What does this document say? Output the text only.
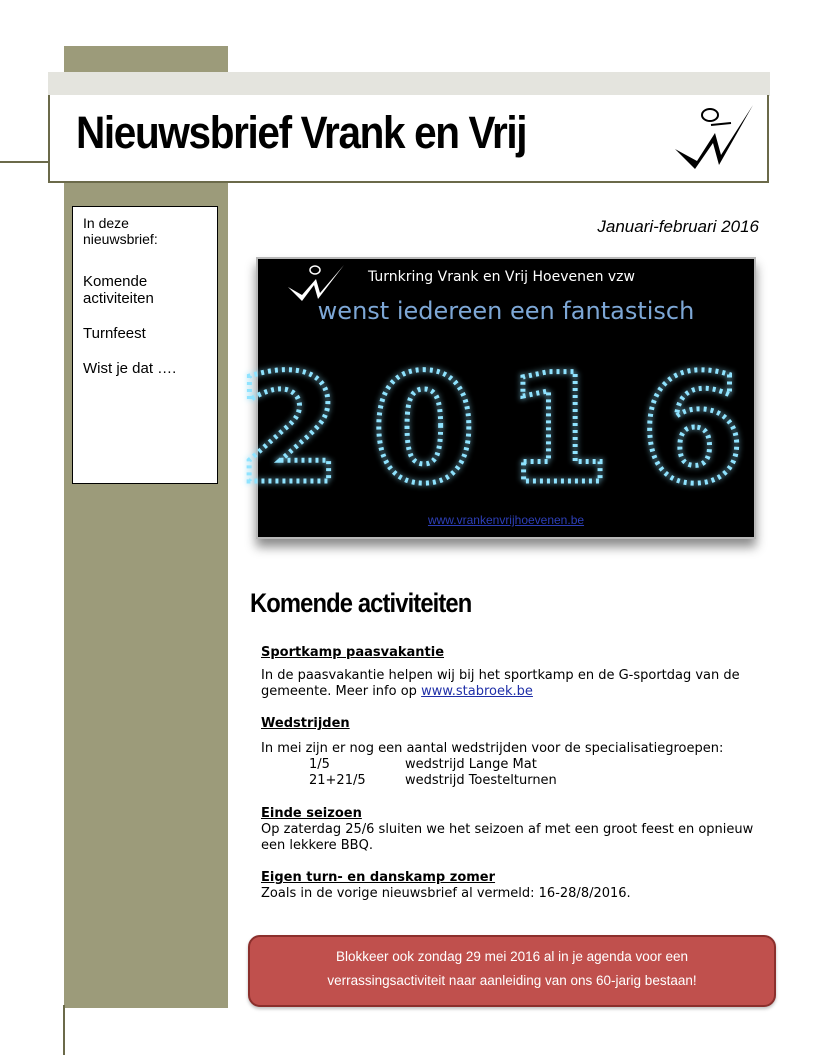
Nieuwsbrief Vrank en Vrij

In deze nieuwsbrief:

Komende activiteiten

Turnfeest

Wist je dat ….

Januari-februari 2016

Turnkring Vrank en Vrij Hoevenen vzw

wenst iedereen een fantastisch

2016

www.vrankenvrijhoevenen.be

Komende activiteiten

Sportkamp paasvakantie

In de paasvakantie helpen wij bij het sportkamp en de G-sportdag van de gemeente. Meer info op www.stabroek.be

Wedstrijden

In mei zijn er nog een aantal wedstrijden voor de specialisatiegroepen:

1/5	wedstrijd Lange Mat
21+21/5	wedstrijd Toestelturnen

Einde seizoen

Op zaterdag 25/6 sluiten we het seizoen af met een groot feest en opnieuw een lekkere BBQ.

Eigen turn- en danskamp zomer

Zoals in de vorige nieuwsbrief al vermeld: 16-28/8/2016.

Blokkeer ook zondag 29 mei 2016 al in je agenda voor een

verrassingsactiviteit naar aanleiding van ons 60-jarig bestaan!
